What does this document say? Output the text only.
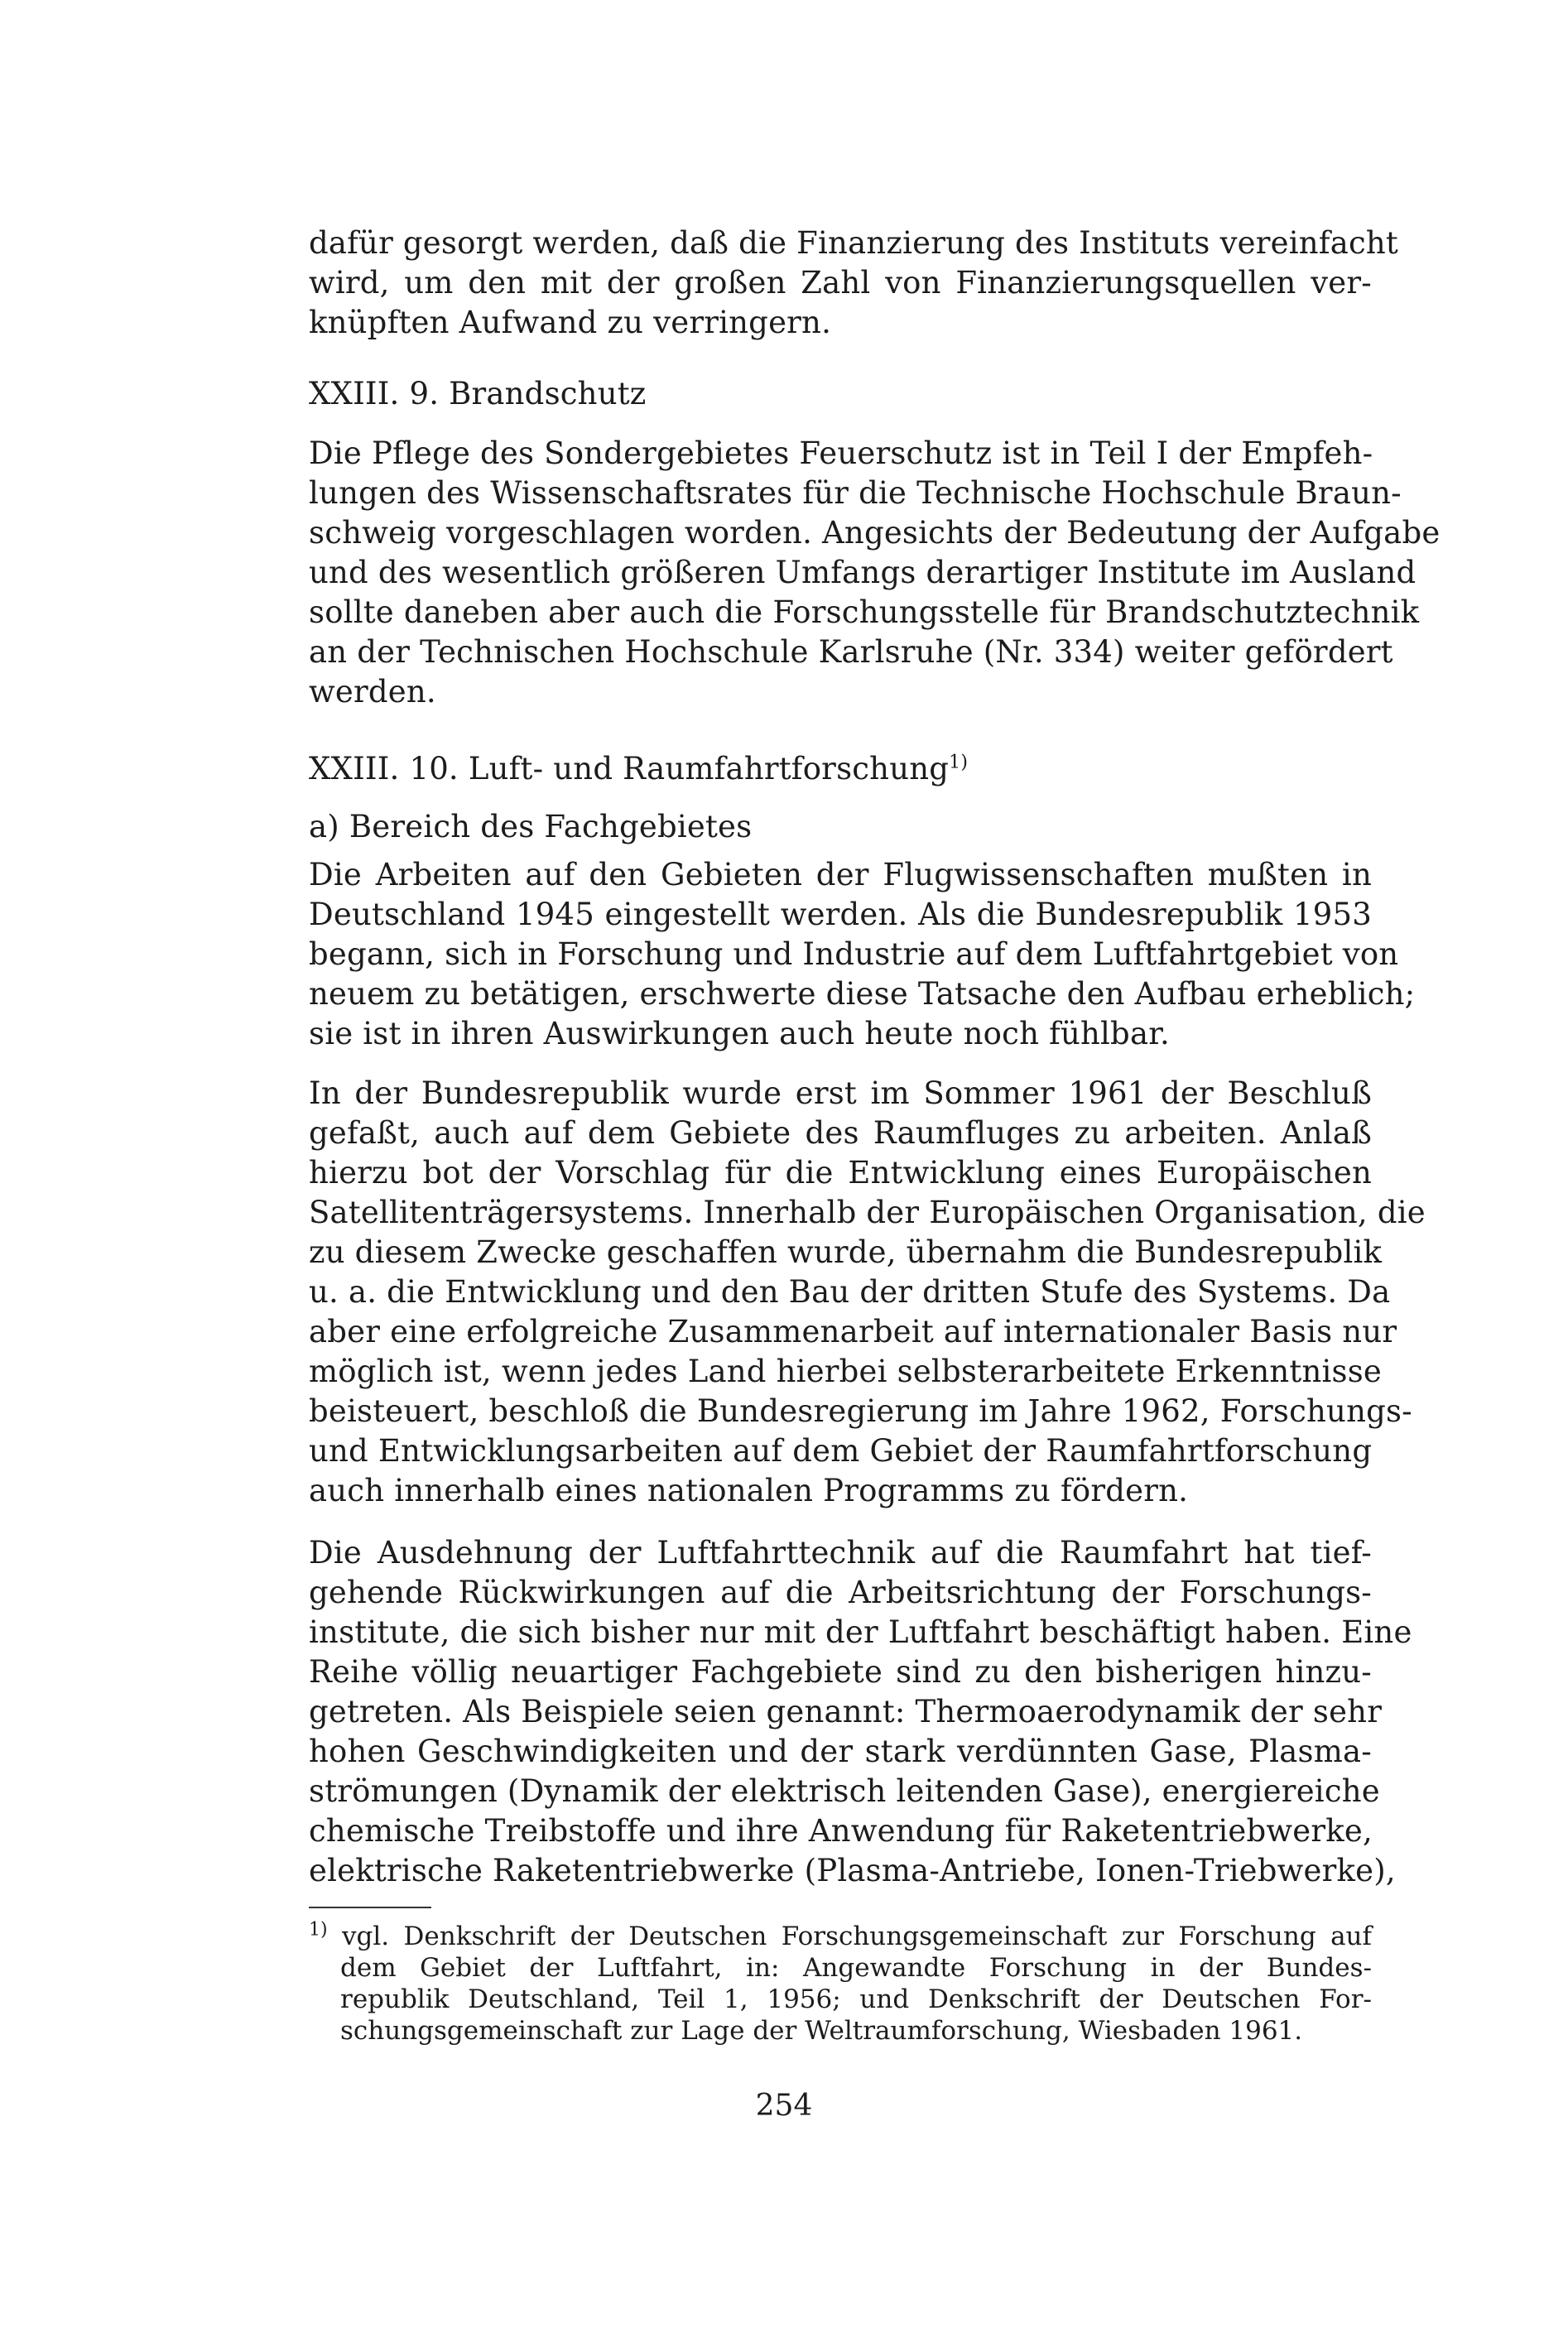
dafür gesorgt werden, daß die Finanzierung des Instituts vereinfacht
wird, um den mit der großen Zahl von Finanzierungsquellen ver-
knüpften Aufwand zu verringern.
XXIII. 9. Brandschutz
Die Pflege des Sondergebietes Feuerschutz ist in Teil I der Empfeh-
lungen des Wissenschaftsrates für die Technische Hochschule Braun-
schweig vorgeschlagen worden. Angesichts der Bedeutung der Aufgabe
und des wesentlich größeren Umfangs derartiger Institute im Ausland
sollte daneben aber auch die Forschungsstelle für Brandschutztechnik
an der Technischen Hochschule Karlsruhe (Nr. 334) weiter gefördert
werden.
XXIII. 10. Luft- und Raumfahrtforschung$^{1)}$
a) Bereich des Fachgebietes
Die Arbeiten auf den Gebieten der Flugwissenschaften mußten in
Deutschland 1945 eingestellt werden. Als die Bundesrepublik 1953
begann, sich in Forschung und Industrie auf dem Luftfahrtgebiet von
neuem zu betätigen, erschwerte diese Tatsache den Aufbau erheblich;
sie ist in ihren Auswirkungen auch heute noch fühlbar.
In der Bundesrepublik wurde erst im Sommer 1961 der Beschluß
gefaßt, auch auf dem Gebiete des Raumfluges zu arbeiten. Anlaß
hierzu bot der Vorschlag für die Entwicklung eines Europäischen
Satellitenträgersystems. Innerhalb der Europäischen Organisation, die
zu diesem Zwecke geschaffen wurde, übernahm die Bundesrepublik
u. a. die Entwicklung und den Bau der dritten Stufe des Systems. Da
aber eine erfolgreiche Zusammenarbeit auf internationaler Basis nur
möglich ist, wenn jedes Land hierbei selbsterarbeitete Erkenntnisse
beisteuert, beschloß die Bundesregierung im Jahre 1962, Forschungs-
und Entwicklungsarbeiten auf dem Gebiet der Raumfahrtforschung
auch innerhalb eines nationalen Programms zu fördern.
Die Ausdehnung der Luftfahrttechnik auf die Raumfahrt hat tief-
gehende Rückwirkungen auf die Arbeitsrichtung der Forschungs-
institute, die sich bisher nur mit der Luftfahrt beschäftigt haben. Eine
Reihe völlig neuartiger Fachgebiete sind zu den bisherigen hinzu-
getreten. Als Beispiele seien genannt: Thermoaerodynamik der sehr
hohen Geschwindigkeiten und der stark verdünnten Gase, Plasma-
strömungen (Dynamik der elektrisch leitenden Gase), energiereiche
chemische Treibstoffe und ihre Anwendung für Raketentriebwerke,
elektrische Raketentriebwerke (Plasma-Antriebe, Ionen-Triebwerke),
$^{1)}$ vgl. Denkschrift der Deutschen Forschungsgemeinschaft zur Forschung auf
dem Gebiet der Luftfahrt, in: Angewandte Forschung in der Bundes-
republik Deutschland, Teil 1, 1956; und Denkschrift der Deutschen For-
schungsgemeinschaft zur Lage der Weltraumforschung, Wiesbaden 1961.
254
